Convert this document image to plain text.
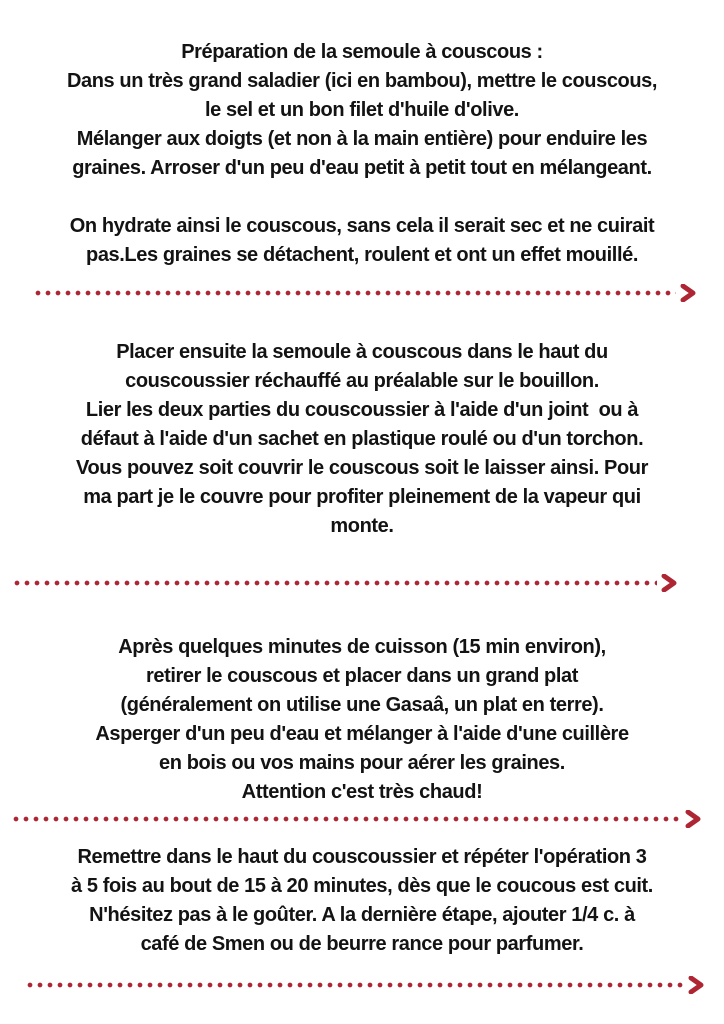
Préparation de la semoule à couscous :
Dans un très grand saladier (ici en bambou), mettre le couscous,
le sel et un bon filet d'huile d'olive.
Mélanger aux doigts (et non à la main entière) pour enduire les
graines. Arroser d'un peu d'eau petit à petit tout en mélangeant.
On hydrate ainsi le couscous, sans cela il serait sec et ne cuirait
pas.Les graines se détachent, roulent et ont un effet mouillé.
Placer ensuite la semoule à couscous dans le haut du
couscoussier réchauffé au préalable sur le bouillon.
Lier les deux parties du couscoussier à l'aide d'un joint  ou à
défaut à l'aide d'un sachet en plastique roulé ou d'un torchon.
Vous pouvez soit couvrir le couscous soit le laisser ainsi. Pour
ma part je le couvre pour profiter pleinement de la vapeur qui
monte.
Après quelques minutes de cuisson (15 min environ),
retirer le couscous et placer dans un grand plat
(généralement on utilise une Gasaâ, un plat en terre).
Asperger d'un peu d'eau et mélanger à l'aide d'une cuillère
en bois ou vos mains pour aérer les graines.
Attention c'est très chaud!
Remettre dans le haut du couscoussier et répéter l'opération 3
à 5 fois au bout de 15 à 20 minutes, dès que le coucous est cuit.
N'hésitez pas à le goûter. A la dernière étape, ajouter 1/4 c. à
café de Smen ou de beurre rance pour parfumer.
